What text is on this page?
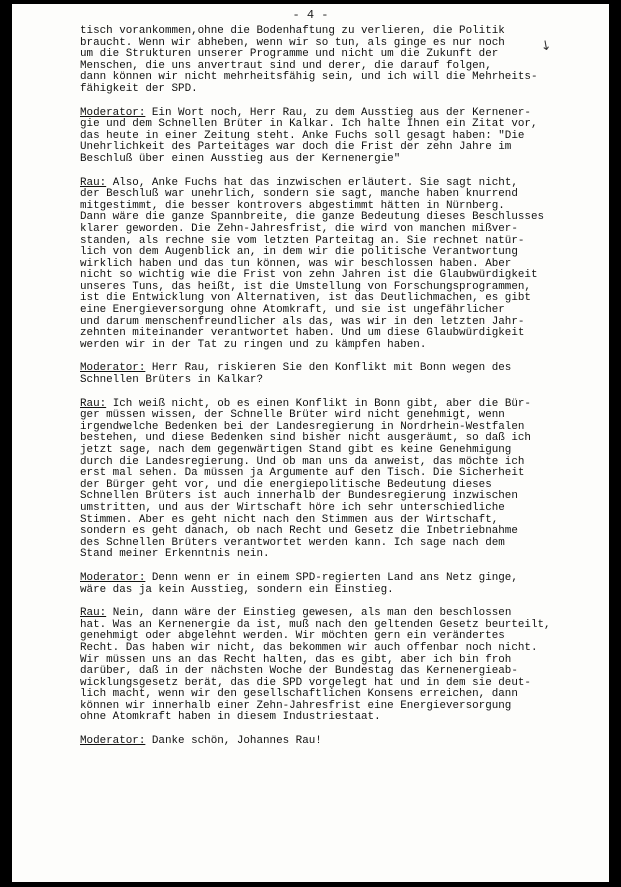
- 4 -
↘
tisch vorankommen,ohne die Bodenhaftung zu verlieren, die Politik
braucht. Wenn wir abheben, wenn wir so tun, als ginge es nur noch
um die Strukturen unserer Programme und nicht um die Zukunft der
Menschen, die uns anvertraut sind und derer, die darauf folgen,
dann können wir nicht mehrheitsfähig sein, und ich will die Mehrheits-
fähigkeit der SPD.
Moderator: Ein Wort noch, Herr Rau, zu dem Ausstieg aus der Kernener-
gie und dem Schnellen Brüter in Kalkar. Ich halte Ihnen ein Zitat vor,
das heute in einer Zeitung steht. Anke Fuchs soll gesagt haben: "Die
Unehrlichkeit des Parteitages war doch die Frist der zehn Jahre im
Beschluß über einen Ausstieg aus der Kernenergie"
Rau: Also, Anke Fuchs hat das inzwischen erläutert. Sie sagt nicht,
der Beschluß war unehrlich, sondern sie sagt, manche haben knurrend
mitgestimmt, die besser kontrovers abgestimmt hätten in Nürnberg.
Dann wäre die ganze Spannbreite, die ganze Bedeutung dieses Beschlusses
klarer geworden. Die Zehn-Jahresfrist, die wird von manchen mißver-
standen, als rechne sie vom letzten Parteitag an. Sie rechnet natür-
lich von dem Augenblick an, in dem wir die politische Verantwortung
wirklich haben und das tun können, was wir beschlossen haben. Aber
nicht so wichtig wie die Frist von zehn Jahren ist die Glaubwürdigkeit
unseres Tuns, das heißt, ist die Umstellung von Forschungsprogrammen,
ist die Entwicklung von Alternativen, ist das Deutlichmachen, es gibt
eine Energieversorgung ohne Atomkraft, und sie ist ungefährlicher
und darum menschenfreundlicher als das, was wir in den letzten Jahr-
zehnten miteinander verantwortet haben. Und um diese Glaubwürdigkeit
werden wir in der Tat zu ringen und zu kämpfen haben.
Moderator: Herr Rau, riskieren Sie den Konflikt mit Bonn wegen des
Schnellen Brüters in Kalkar?
Rau: Ich weiß nicht, ob es einen Konflikt in Bonn gibt, aber die Bür-
ger müssen wissen, der Schnelle Brüter wird nicht genehmigt, wenn
irgendwelche Bedenken bei der Landesregierung in Nordrhein-Westfalen
bestehen, und diese Bedenken sind bisher nicht ausgeräumt, so daß ich
jetzt sage, nach dem gegenwärtigen Stand gibt es keine Genehmigung
durch die Landesregierung. Und ob man uns da anweist, das möchte ich
erst mal sehen. Da müssen ja Argumente auf den Tisch. Die Sicherheit
der Bürger geht vor, und die energiepolitische Bedeutung dieses
Schnellen Brüters ist auch innerhalb der Bundesregierung inzwischen
umstritten, und aus der Wirtschaft höre ich sehr unterschiedliche
Stimmen. Aber es geht nicht nach den Stimmen aus der Wirtschaft,
sondern es geht danach, ob nach Recht und Gesetz die Inbetriebnahme
des Schnellen Brüters verantwortet werden kann. Ich sage nach dem
Stand meiner Erkenntnis nein.
Moderator: Denn wenn er in einem SPD-regierten Land ans Netz ginge,
wäre das ja kein Ausstieg, sondern ein Einstieg.
Rau: Nein, dann wäre der Einstieg gewesen, als man den beschlossen
hat. Was an Kernenergie da ist, muß nach den geltenden Gesetz beurteilt,
genehmigt oder abgelehnt werden. Wir möchten gern ein verändertes
Recht. Das haben wir nicht, das bekommen wir auch offenbar noch nicht.
Wir müssen uns an das Recht halten, das es gibt, aber ich bin froh
darüber, daß in der nächsten Woche der Bundestag das Kernenergieab-
wicklungsgesetz berät, das die SPD vorgelegt hat und in dem sie deut-
lich macht, wenn wir den gesellschaftlichen Konsens erreichen, dann
können wir innerhalb einer Zehn-Jahresfrist eine Energieversorgung
ohne Atomkraft haben in diesem Industriestaat.
Moderator: Danke schön, Johannes Rau!
